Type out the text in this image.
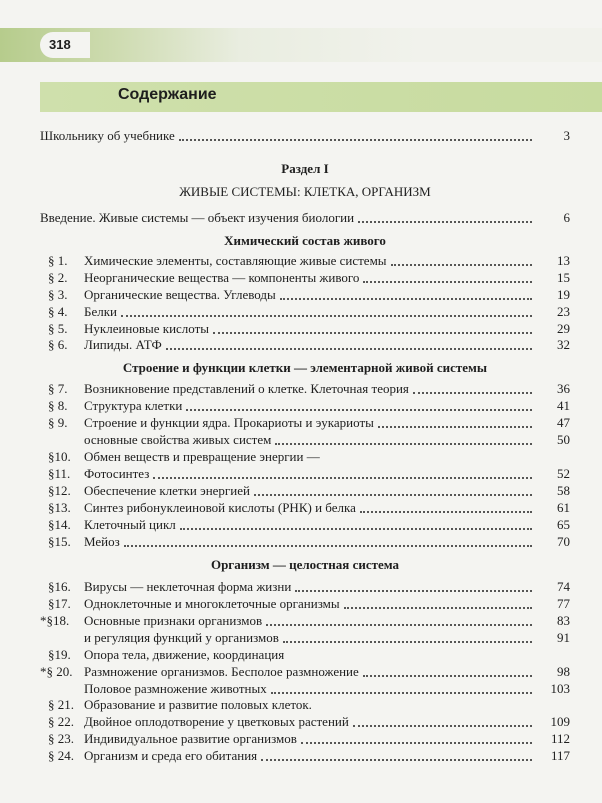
318
Содержание
Школьнику об учебнике	3
Раздел I
ЖИВЫЕ СИСТЕМЫ: КЛЕТКА, ОРГАНИЗМ
Введение. Живые системы — объект изучения биологии	6
Химический состав живого
§ 1. Химические элементы, составляющие живые системы	13
§ 2. Неорганические вещества — компоненты живого	15
§ 3. Органические вещества. Углеводы	19
§ 4. Белки	23
§ 5. Нуклеиновые кислоты	29
§ 6. Липиды. АТФ	32
Строение и функции клетки — элементарной живой системы
§ 7. Возникновение представлений о клетке. Клеточная теория	36
§ 8. Структура клетки	41
§ 9. Строение и функции ядра. Прокариоты и эукариоты	47
§10. Обмен веществ и превращение энергии —
основные свойства живых систем	50
§11. Фотосинтез	52
§12. Обеспечение клетки энергией	58
§13. Синтез рибонуклеиновой кислоты (РНК) и белка	61
§14. Клеточный цикл	65
§15. Мейоз	70
Организм — целостная система
§16. Вирусы — неклеточная форма жизни	74
§17. Одноклеточные и многоклеточные организмы	77
*§18. Основные признаки организмов	83
§19. Опора тела, движение, координация
и регуляция функций у организмов	91
*§ 20. Размножение организмов. Бесполое размножение	98
§ 21. Образование и развитие половых клеток.
Половое размножение животных	103
§ 22. Двойное оплодотворение у цветковых растений	109
§ 23. Индивидуальное развитие организмов	112
§ 24. Организм и среда его обитания	117
